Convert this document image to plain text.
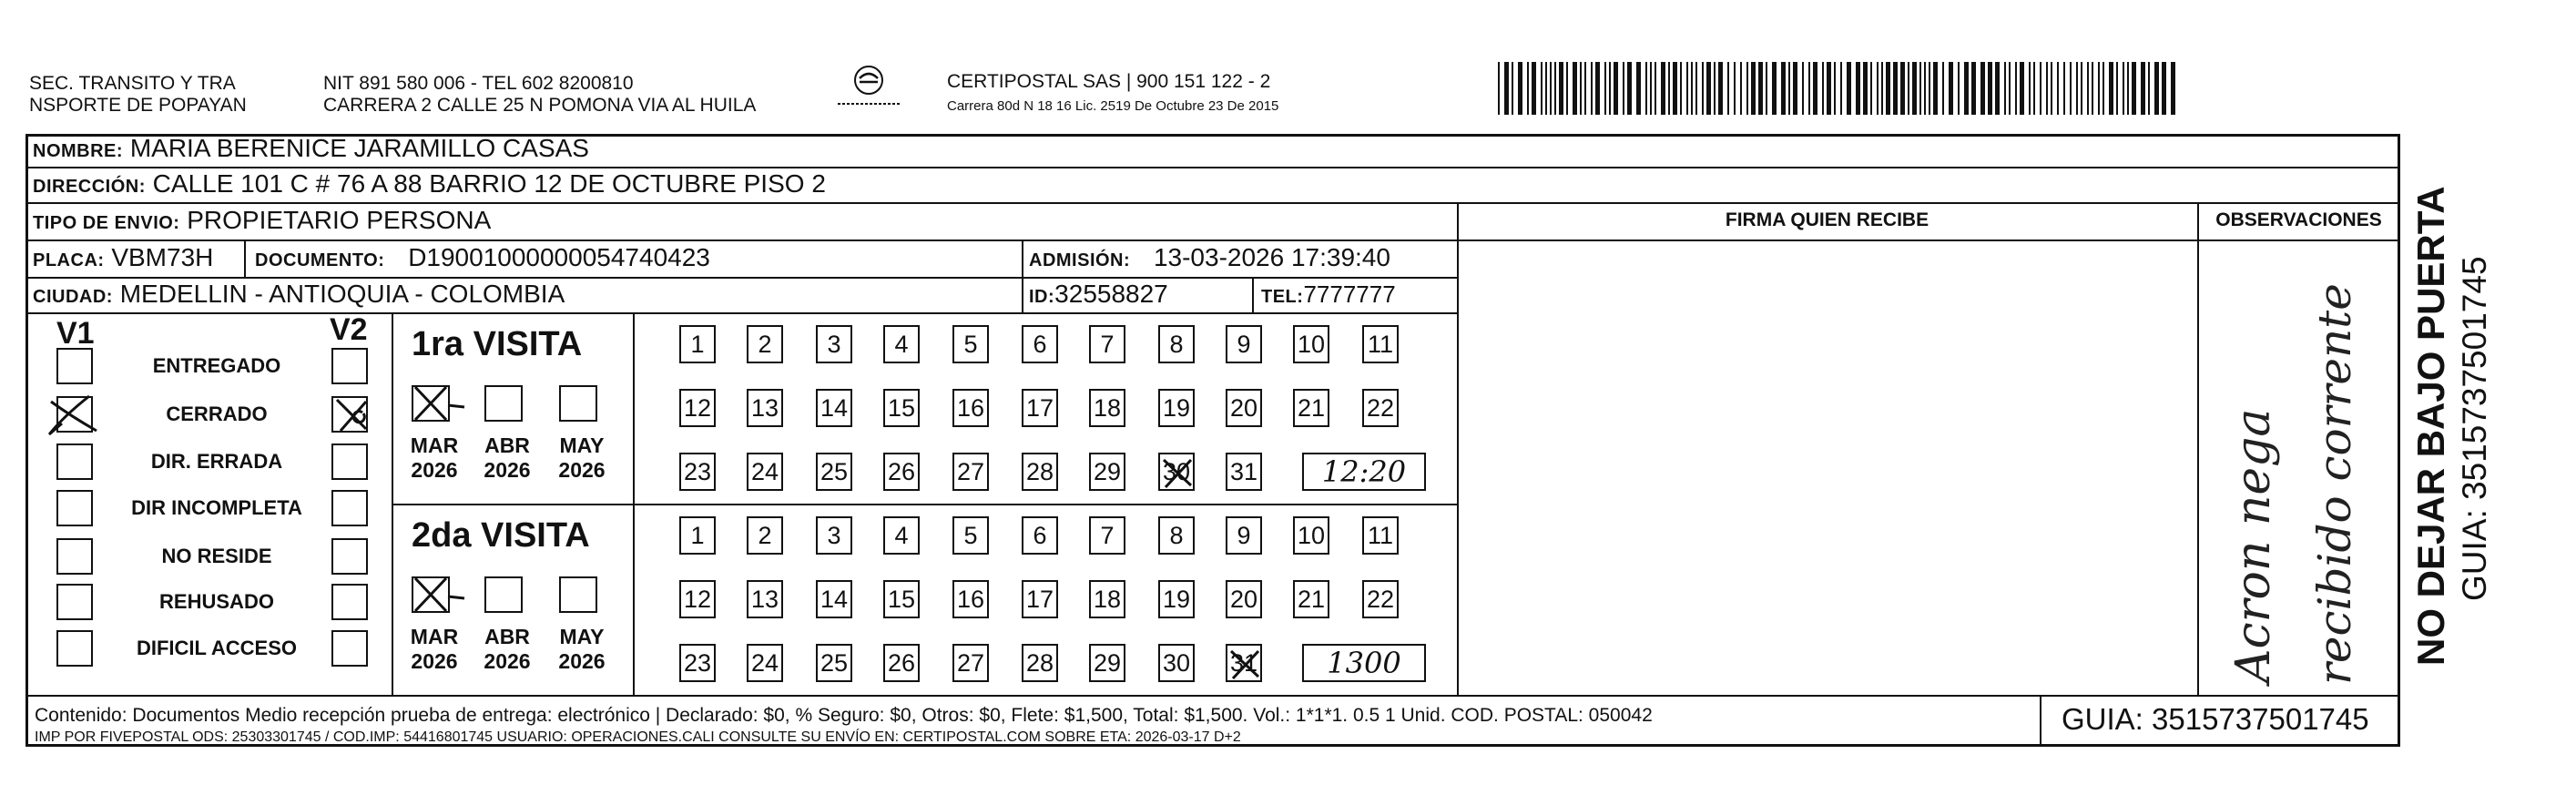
SEC. TRANSITO Y TRA
NSPORTE DE POPAYAN
NIT 891 580 006 - TEL 602 8200810
CARRERA 2 CALLE 25 N POMONA VIA AL HUILA
CERTIPOSTAL SAS | 900 151 122 - 2
Carrera 80d N 18 16 Lic. 2519 De Octubre 23 De 2015
NOMBRE: MARIA BERENICE JARAMILLO CASAS
DIRECCIÓN: CALLE 101 C # 76 A 88 BARRIO 12 DE OCTUBRE PISO 2
TIPO DE ENVIO: PROPIETARIO PERSONA
PLACA: VBM73H DOCUMENTO: D19001000000054740423	ADMISIÓN: 13-03-2026 17:39:40
CIUDAD: MEDELLIN - ANTIOQUIA - COLOMBIA	ID:32558827	TEL:7777777
FIRMA QUIEN RECIBE	OBSERVACIONES
V1	V2
ENTREGADO
CERRADO
DIR. ERRADA
DIR INCOMPLETA
NO RESIDE
REHUSADO
DIFICIL ACCESO
1ra VISITA
MAR
2026
ABR
2026
MAY
2026
1	2	3	4	5	6	7	8	9	10 11
12 13 14 15 16 17 18 19 20 21 22
23 24 25 26 27 28 29 30 31	12:20
2da VISITA
MAR
2026
ABR
2026
MAY
2026
1	2	3	4	5	6	7	8	9	10 11
12 13 14 15 16 17 18 19 20 21 22
23 24 25 26 27 28 29 30 31	1300	Acron nega recibido corrente
Contenido: Documentos Medio recepción prueba de entrega: electrónico | Declarado: $0, % Seguro: $0, Otros: $0, Flete: $1,500, Total: $1,500. Vol.: 1*1*1. 0.5 1 Unid. COD. POSTAL: 050042
IMP POR FIVEPOSTAL ODS: 25303301745 / COD.IMP: 54416801745 USUARIO: OPERACIONES.CALI CONSULTE SU ENVÍO EN: CERTIPOSTAL.COM SOBRE ETA: 2026-03-17 D+2
GUIA: 3515737501745
NO DEJAR BAJO PUERTA GUIA: 3515737501745
